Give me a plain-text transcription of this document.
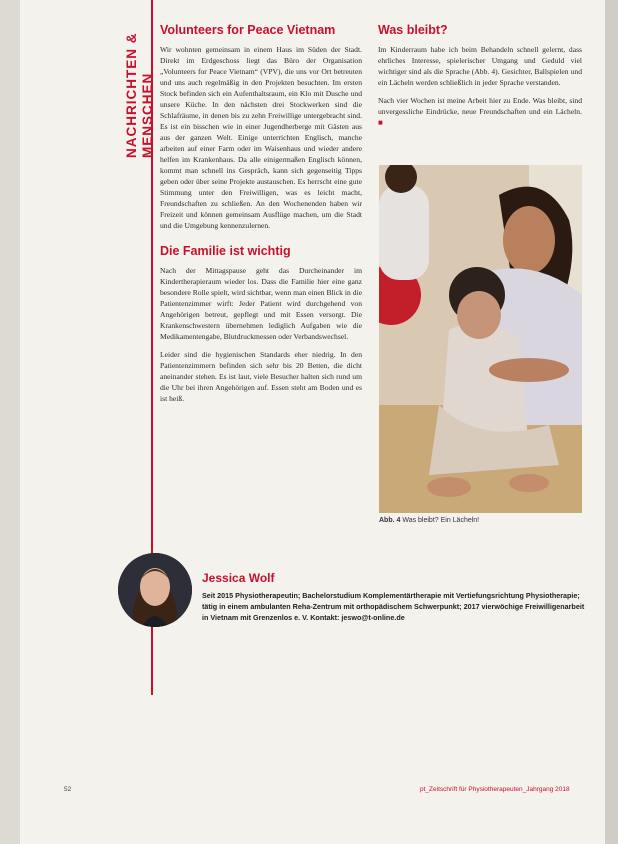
NACHRICHTEN & MENSCHEN
Volunteers for Peace Vietnam

Wir wohnten gemeinsam in einem Haus im Süden der Stadt. Direkt im Erdgeschoss liegt das Büro der Organisation „Volunteers for Peace Vietnam“ (VPV), die uns vor Ort betreuten und uns auch regelmäßig in den Projekten besuchten. Im ersten Stock befinden sich ein Aufenthaltsraum, ein Klo mit Dusche und unsere Küche. In den nächsten drei Stockwerken sind die Schlafräume, in denen bis zu zehn Freiwillige untergebracht sind. Es ist ein bisschen wie in einer Jugendherberge mit Gästen aus aus der ganzen Welt. Einige unterrichten Englisch, manche arbeiten auf einer Farm oder im Waisenhaus und wieder andere helfen im Krankenhaus. Da alle einigermaßen Englisch können, kommt man schnell ins Gespräch, kann sich gegenseitig Tipps geben oder über seine Projekte austauschen. Es herrscht eine gute Stimmung unter den Freiwilligen, was es leicht macht, Freundschaften zu schließen. An den Wochenenden haben wir Freizeit und können gemeinsam Ausflüge machen, um die Stadt und die Umgebung kennenzulernen.

Die Familie ist wichtig

Nach der Mittagspause geht das Durcheinander im Kindertherapieraum wieder los. Dass die Familie hier eine ganz besondere Rolle spielt, wird sichtbar, wenn man einen Blick in die Patientenzimmer wirft: Jeder Patient wird durchgehend von Angehörigen betreut, gepflegt und mit Essen versorgt. Die Krankenschwestern übernehmen lediglich Aufgaben wie die Medikamentengabe, Blutdruckmessen oder Verbandswechsel.

Leider sind die hygienischen Standards eher niedrig. In den Patientenzimmern befinden sich sehr bis 20 Betten, die dicht aneinander stehen. Es ist laut, viele Besucher halten sich rund um die Uhr bei ihren Angehörigen auf. Essen steht am Boden und es ist heiß.

Was bleibt?

Im Kinderraum habe ich beim Behandeln schnell gelernt, dass ehrliches Interesse, spielerischer Umgang und Geduld viel wichtiger sind als die Sprache (Abb. 4). Gesichter, Ballspielen und ein Lächeln werden schließlich in jeder Sprache verstanden.

Nach vier Wochen ist meine Arbeit hier zu Ende. Was bleibt, sind unvergessliche Eindrücke, neue Freundschaften und ein Lächeln. ■

Abb. 4 Was bleibt? Ein Lächeln!
Jessica Wolf
Seit 2015 Physiotherapeutin; Bachelorstudium Komplementärtherapie mit Vertiefungsrichtung Physiotherapie; tätig in einem ambulanten Reha-Zentrum mit orthopädischem Schwerpunkt; 2017 vierwöchige Freiwilligenarbeit in Vietnam mit Grenzenlos e. V. Kontakt: jeswo@t-online.de
52	pt_Zeitschrift für Physiotherapeuten_Jahrgang 2018
